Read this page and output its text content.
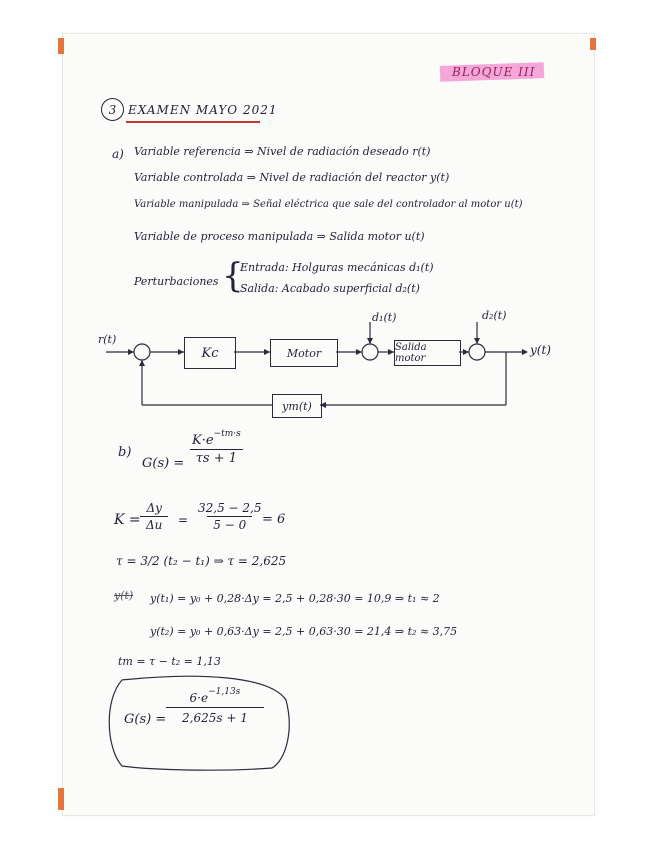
BLOQUE III
3 EXAMEN MAYO 2021
a) Variable referencia ⇒ Nivel de radiación deseado r(t)
Variable controlada ⇒ Nivel de radiación del reactor y(t)
Variable manipulada ⇒ Señal eléctrica que sale del controlador al motor u(t)
Variable de proceso manipulada ⇒ Salida motor u(t)
Perturbaciones {
Entrada: Holguras mecánicas d₁(t)
Salida: Acabado superficial d₂(t)
r(t)
Kc	Motor	Salida motor
ym(t)
d₁(t)	d₂(t)
y(t)
b)
$G(s) = \frac{K\cdot e^{-tm\cdot s}}{\tau s + 1}$
$K = \frac{\Delta y}{\Delta u} = \frac{32,5 - 2,5}{5 - 0}$
= 6
τ = 3/2 (t₂ − t₁) ⇒ τ = 2,625
y(t) y(t₁) = y₀ + 0,28·Δy = 2,5 + 0,28·30 = 10,9 ⇒ t₁ ≈ 2
y(t₂) = y₀ + 0,63·Δy = 2,5 + 0,63·30 = 21,4 ⇒ t₂ ≈ 3,75
tm = τ − t₂ = 1,13
$G(s) = \frac{6\cdot e^{-1,13s}}{2,625s + 1}$
